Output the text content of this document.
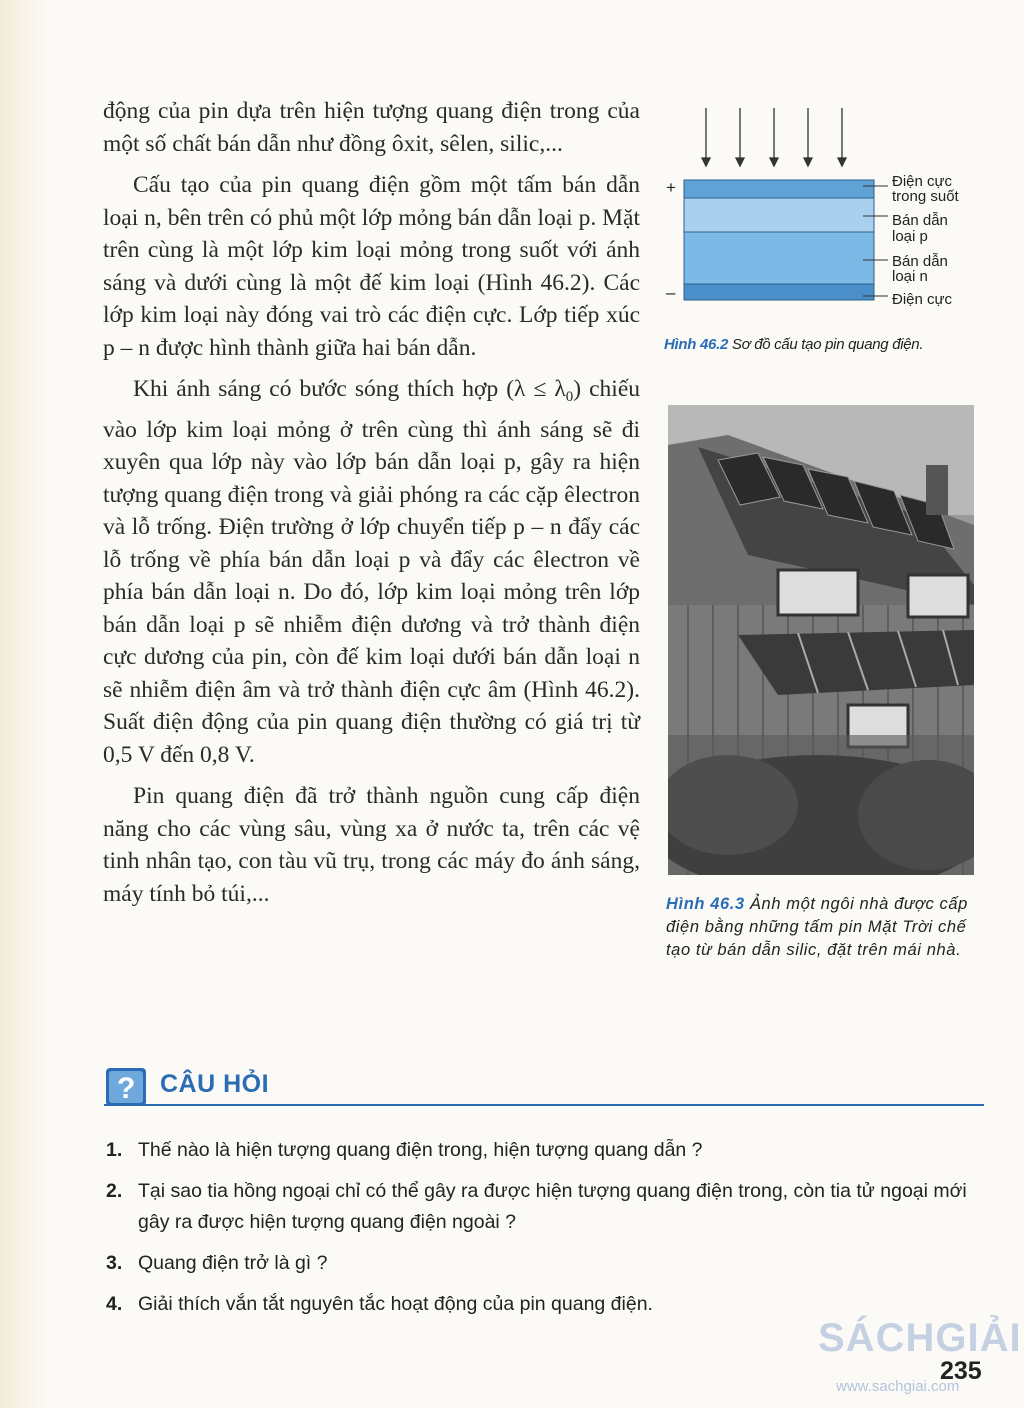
động của pin dựa trên hiện tượng quang điện trong của một số chất bán dẫn như đồng ôxit, sêlen, silic,...

Cấu tạo của pin quang điện gồm một tấm bán dẫn loại n, bên trên có phủ một lớp mỏng bán dẫn loại p. Mặt trên cùng là một lớp kim loại mỏng trong suốt với ánh sáng và dưới cùng là một đế kim loại (Hình 46.2). Các lớp kim loại này đóng vai trò các điện cực. Lớp tiếp xúc p – n được hình thành giữa hai bán dẫn.

Khi ánh sáng có bước sóng thích hợp $(\lambda \le \lambda_0)$ chiếu vào lớp kim loại mỏng ở trên cùng thì ánh sáng sẽ đi xuyên qua lớp này vào lớp bán dẫn loại p, gây ra hiện tượng quang điện trong và giải phóng ra các cặp êlectron và lỗ trống. Điện trường ở lớp chuyển tiếp p – n đẩy các lỗ trống về phía bán dẫn loại p và đẩy các êlectron về phía bán dẫn loại n. Do đó, lớp kim loại mỏng trên lớp bán dẫn loại p sẽ nhiễm điện dương và trở thành điện cực dương của pin, còn đế kim loại dưới bán dẫn loại n sẽ nhiễm điện âm và trở thành điện cực âm (Hình 46.2). Suất điện động của pin quang điện thường có giá trị từ 0,5 V đến 0,8 V.

Pin quang điện đã trở thành nguồn cung cấp điện năng cho các vùng sâu, vùng xa ở nước ta, trên các vệ tinh nhân tạo, con tàu vũ trụ, trong các máy đo ánh sáng, máy tính bỏ túi,...

+
–
Điện cực
trong suốt
Bán dẫn
loại p
Bán dẫn
loại n
Điện cực
Hình 46.2 Sơ đồ cấu tạo pin quang điện.
Hình 46.3 Ảnh một ngôi nhà được cấp điện bằng những tấm pin Mặt Trời chế tạo từ bán dẫn silic, đặt trên mái nhà.
? CÂU HỎI
1. Thế nào là hiện tượng quang điện trong, hiện tượng quang dẫn ?
2. Tại sao tia hồng ngoại chỉ có thể gây ra được hiện tượng quang điện trong, còn tia tử ngoại mới gây ra được hiện tượng quang điện ngoài ?
3. Quang điện trở là gì ?
4. Giải thích vắn tắt nguyên tắc hoạt động của pin quang điện.
SÁCHGIẢI
www.sachgiai.com
235
